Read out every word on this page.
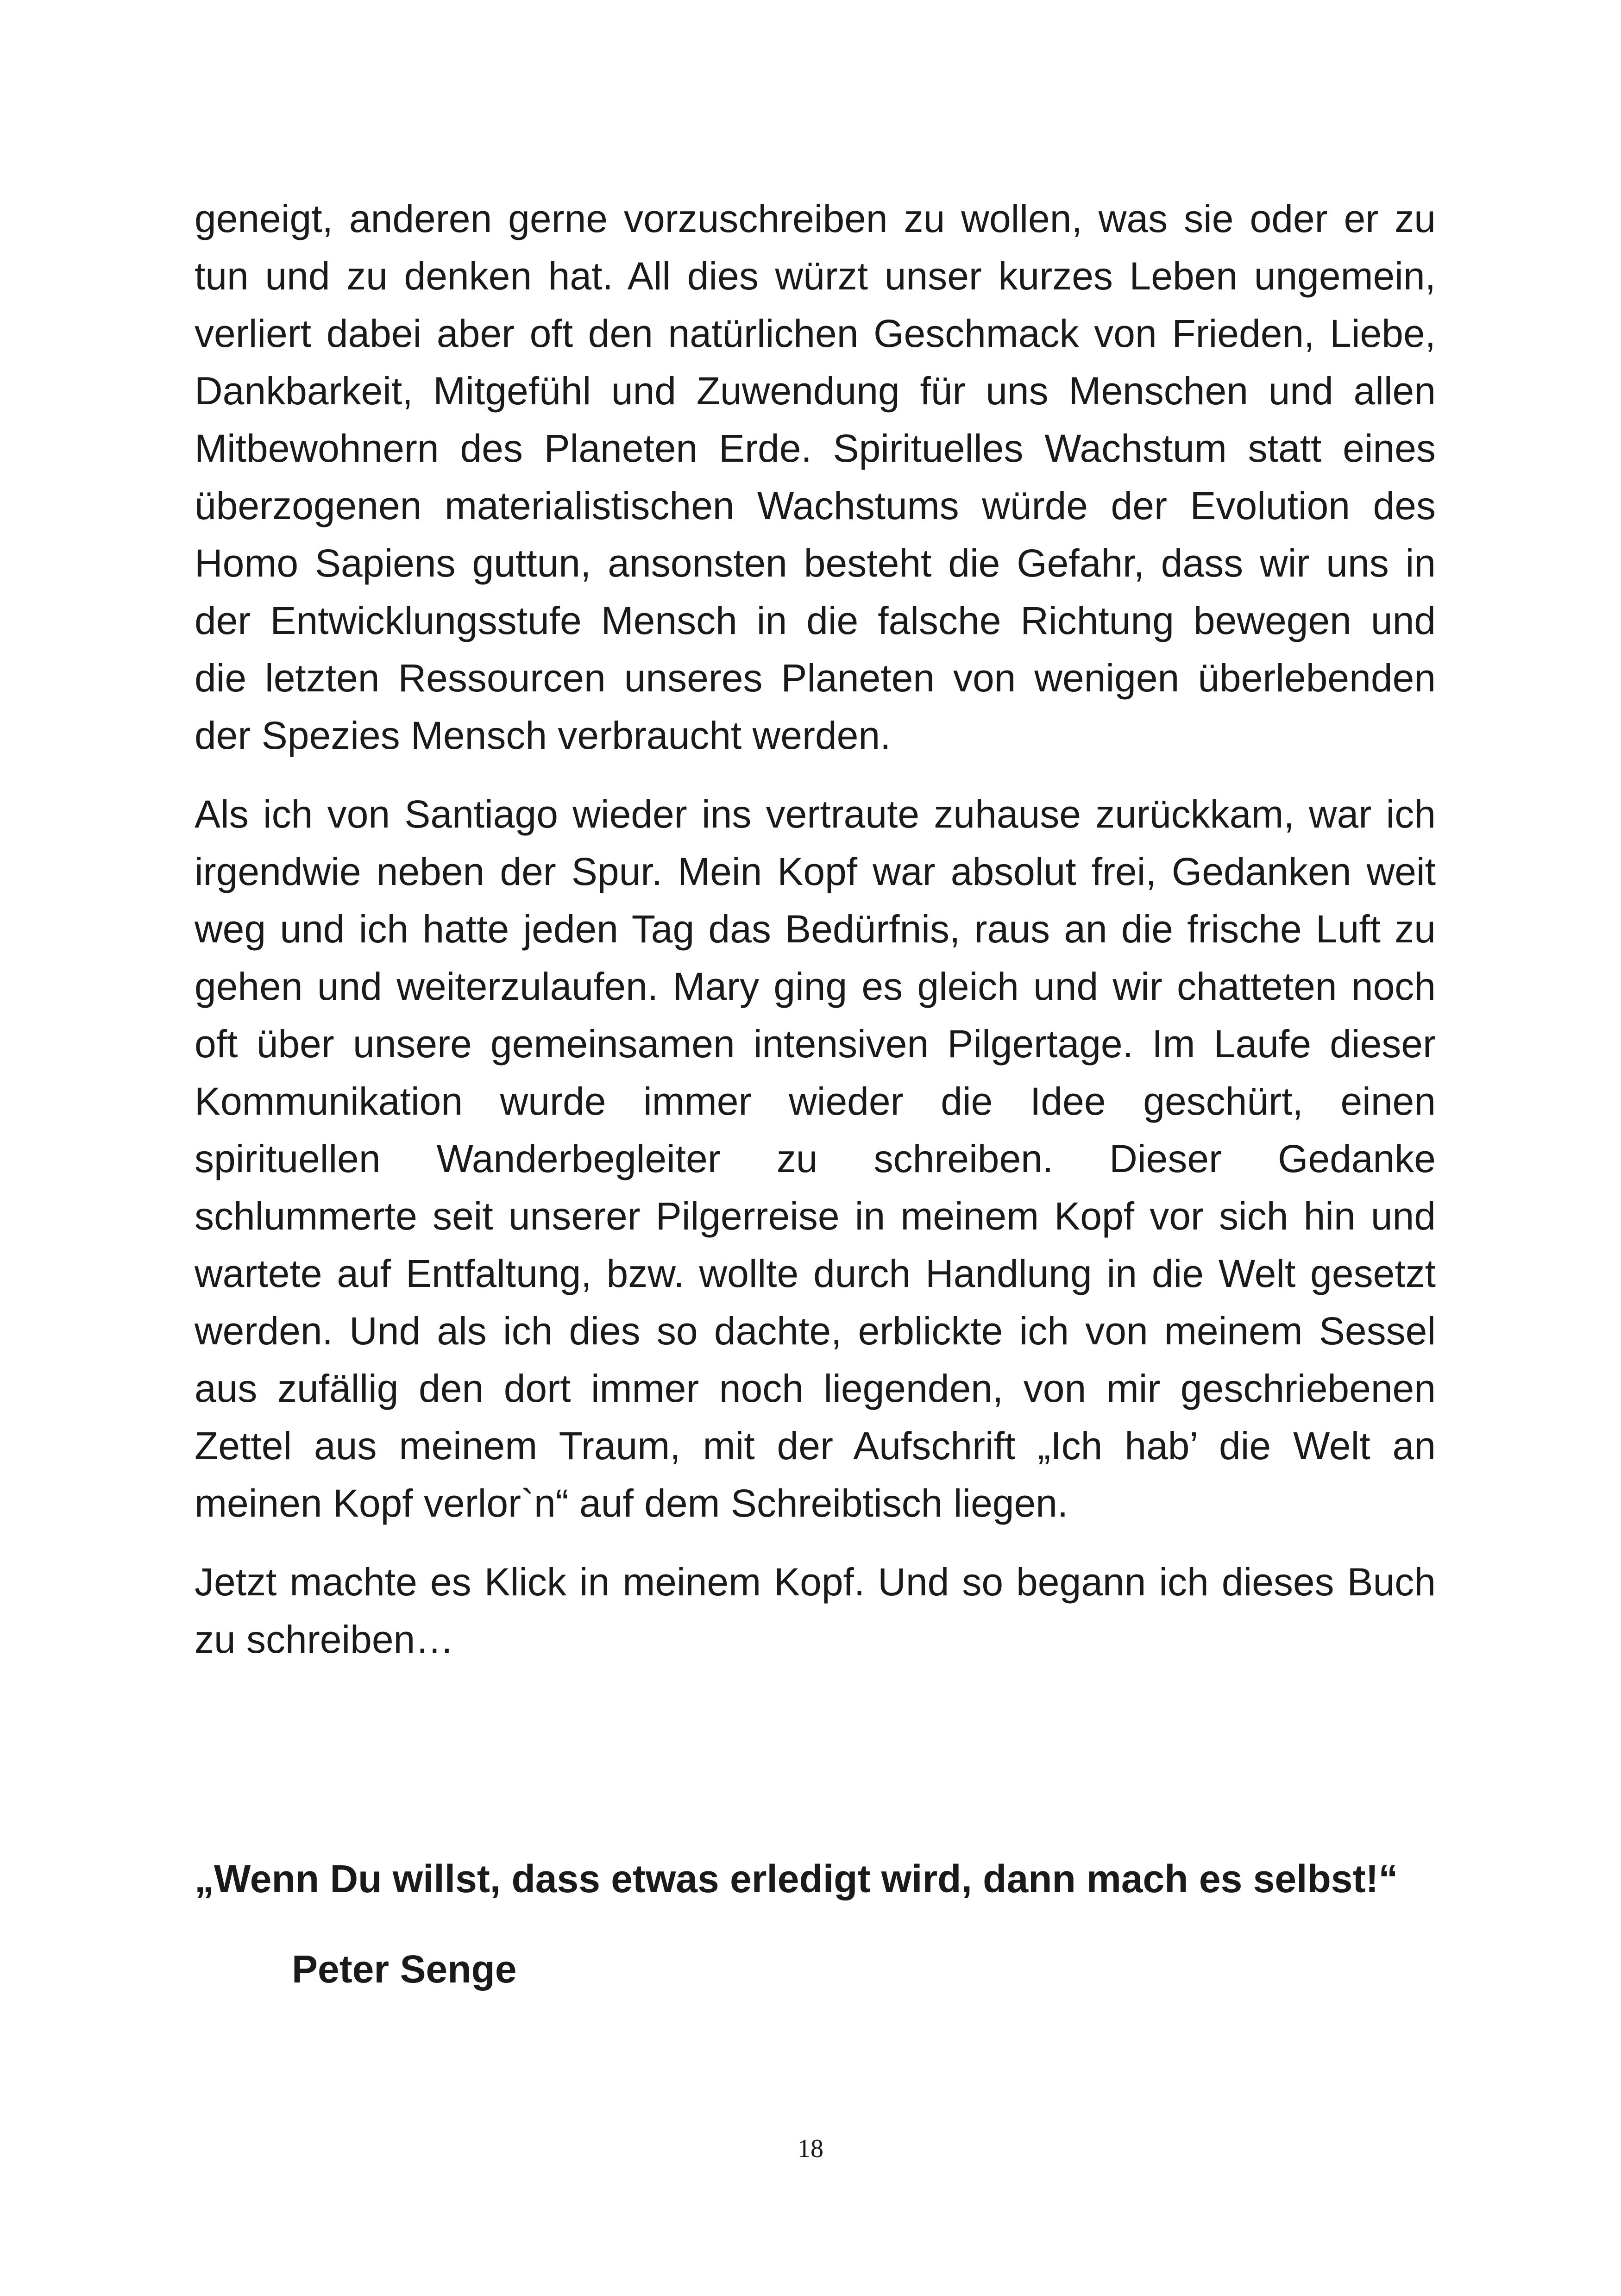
geneigt, anderen gerne vorzuschreiben zu wollen, was sie oder er zu
tun und zu denken hat. All dies würzt unser kurzes Leben ungemein,
verliert dabei aber oft den natürlichen Geschmack von Frieden, Liebe,
Dankbarkeit, Mitgefühl und Zuwendung für uns Menschen und allen
Mitbewohnern des Planeten Erde. Spirituelles Wachstum statt eines
überzogenen materialistischen Wachstums würde der Evolution des
Homo Sapiens guttun, ansonsten besteht die Gefahr, dass wir uns in
der Entwicklungsstufe Mensch in die falsche Richtung bewegen und
die letzten Ressourcen unseres Planeten von wenigen überlebenden
der Spezies Mensch verbraucht werden.
Als ich von Santiago wieder ins vertraute zuhause zurückkam, war ich
irgendwie neben der Spur. Mein Kopf war absolut frei, Gedanken weit
weg und ich hatte jeden Tag das Bedürfnis, raus an die frische Luft zu
gehen und weiterzulaufen. Mary ging es gleich und wir chatteten noch
oft über unsere gemeinsamen intensiven Pilgertage. Im Laufe dieser
Kommunikation wurde immer wieder die Idee geschürt, einen
spirituellen Wanderbegleiter zu schreiben. Dieser Gedanke
schlummerte seit unserer Pilgerreise in meinem Kopf vor sich hin und
wartete auf Entfaltung, bzw. wollte durch Handlung in die Welt gesetzt
werden. Und als ich dies so dachte, erblickte ich von meinem Sessel
aus zufällig den dort immer noch liegenden, von mir geschriebenen
Zettel aus meinem Traum, mit der Aufschrift „Ich hab’ die Welt an
meinen Kopf verlor`n“ auf dem Schreibtisch liegen.
Jetzt machte es Klick in meinem Kopf. Und so begann ich dieses Buch
zu schreiben…
„Wenn Du willst, dass etwas erledigt wird, dann mach es selbst!“
Peter Senge
18
